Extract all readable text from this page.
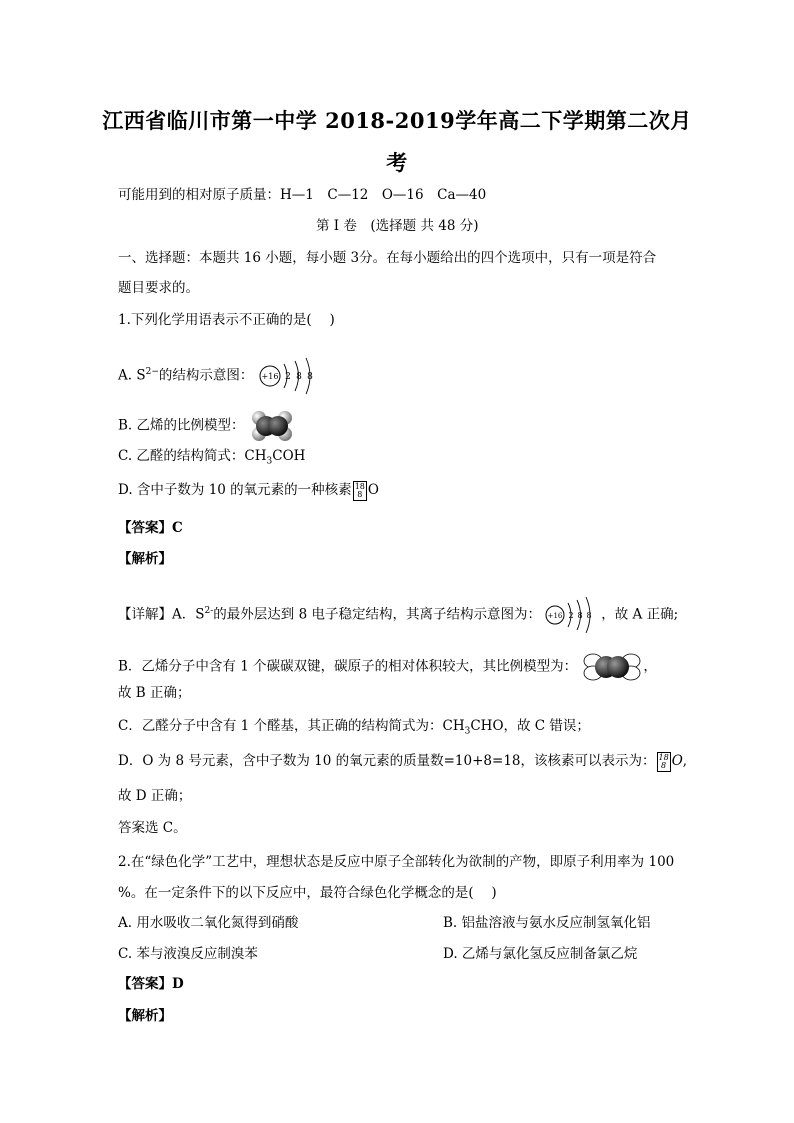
江西省临川市第一中学 2018-2019学年高二下学期第二次月
考
可能用到的相对原子质量：H—1　C—12　O—16　Ca—40
第 I 卷　(选择题 共 48 分)
一、选择题：本题共 16 小题，每小题 3分。在每小题给出的四个选项中，只有一项是符合
题目要求的。
1.下列化学用语表示不正确的是(　 )
A. $S^{2-}$的结构示意图： +16 2 8 8
B. 乙烯的比例模型：
C. 乙醛的结构简式：$CH_3COH$
D. 含中子数为 10 的氧元素的一种核素 18
8 O
【答案】C
【解析】
【详解】A．$S^{2-}$的最外层达到 8 电子稳定结构，其离子结构示意图为： +16 2 8 8 ，故 A 正确;
B．乙烯分子中含有 1 个碳碳双键，碳原子的相对体积较大，其比例模型为：	，
故 B 正确；
C．乙醛分子中含有 1 个醛基，其正确的结构简式为：$CH_3CHO$，故 C 错误；
D．O 为 8 号元素，含中子数为 10 的氧元素的质量数=10+8=18，该核素可以表示为： 18
8 O,
故 D 正确；
答案选 C。
2.在“绿色化学”工艺中，理想状态是反应中原子全部转化为欲制的产物，即原子利用率为 100
%。在一定条件下的以下反应中，最符合绿色化学概念的是(　 )
A. 用水吸收二氧化氮得到硝酸	B. 铝盐溶液与氨水反应制氢氧化铝
C. 苯与液溴反应制溴苯	D. 乙烯与氯化氢反应制备氯乙烷
【答案】D
【解析】
